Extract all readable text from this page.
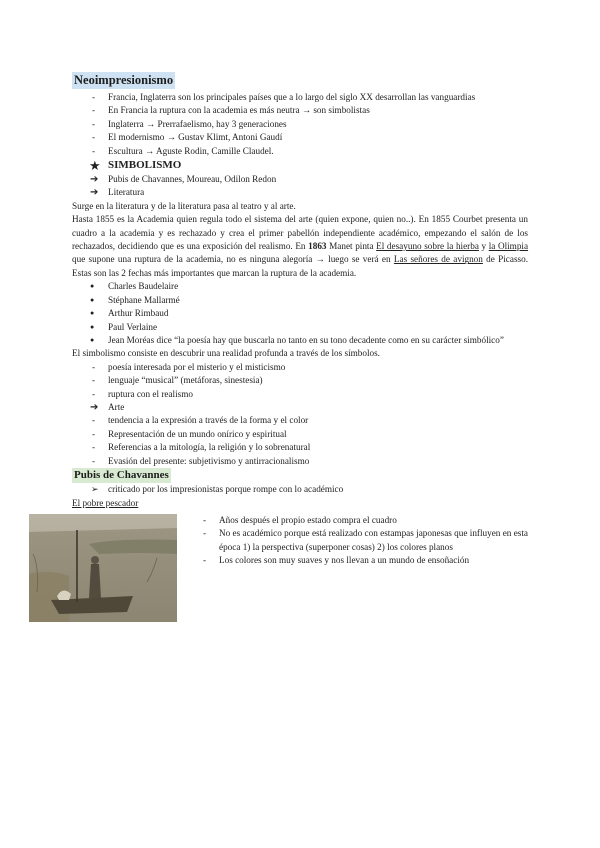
Neoimpresionismo
- Francia, Inglaterra son los principales países que a lo largo del siglo XX desarrollan las vanguardias
- En Francia la ruptura con la academia es más neutra → son simbolistas
- Inglaterra → Prerrafaelismo, hay 3 generaciones
- El modernismo → Gustav Klimt, Antoni Gaudí
- Escultura → Aguste Rodin, Camille Claudel.
★ SIMBOLISMO
➔ Pubis de Chavannes, Moureau, Odilon Redon
➔ Literatura
Surge en la literatura y de la literatura pasa al teatro y al arte.
Hasta 1855 es la Academia quien regula todo el sistema del arte (quien expone, quien no..). En 1855 Courbet presenta un cuadro a la academia y es rechazado y crea el primer pabellón independiente académico, empezando el salón de los rechazados, decidiendo que es una exposición del realismo. En 1863 Manet pinta El desayuno sobre la hierba y la Olimpia que supone una ruptura de la academia, no es ninguna alegoría → luego se verá en Las señores de avignon de Picasso. Estas son las 2 fechas más importantes que marcan la ruptura de la academia.
● Charles Baudelaire
● Stéphane Mallarmé
● Arthur Rimbaud
● Paul Verlaine
● Jean Moréas dice “la poesía hay que buscarla no tanto en su tono decadente como en su carácter simbólico”
El simbolismo consiste en descubrir una realidad profunda a través de los símbolos.
- poesía interesada por el misterio y el misticismo
- lenguaje “musical” (metáforas, sinestesia)
- ruptura con el realismo
➔ Arte
- tendencia a la expresión a través de la forma y el color
- Representación de un mundo onírico y espiritual
- Referencias a la mitología, la religión y lo sobrenatural
- Evasión del presente: subjetivismo y antirracionalismo
Pubis de Chavannes
➢ criticado por los impresionistas porque rompe con lo académico
El pobre pescador
- Años después el propio estado compra el cuadro
- No es académico porque está realizado con estampas japonesas que influyen en esta época 1) la perspectiva (superponer cosas) 2) los colores planos
- Los colores son muy suaves y nos llevan a un mundo de ensoñación
